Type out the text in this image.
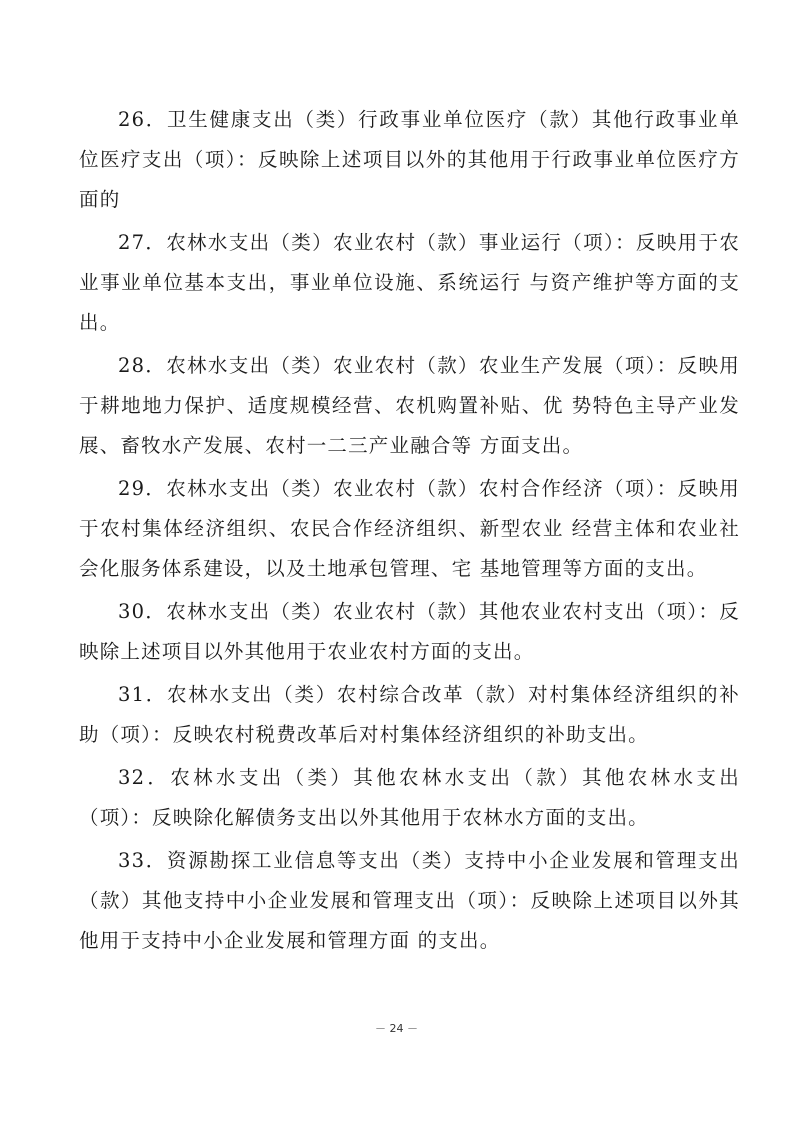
26．卫生健康支出（类）行政事业单位医疗（款）其他行政事业单位医疗支出（项）：反映除上述项目以外的其他用于行政事业单位医疗方面的

27．农林水支出（类）农业农村（款）事业运行（项）：反映用于农业事业单位基本支出，事业单位设施、系统运行 与资产维护等方面的支出。

28．农林水支出（类）农业农村（款）农业生产发展（项）：反映用于耕地地力保护、适度规模经营、农机购置补贴、优 势特色主导产业发展、畜牧水产发展、农村一二三产业融合等 方面支出。

29．农林水支出（类）农业农村（款）农村合作经济（项）：反映用于农村集体经济组织、农民合作经济组织、新型农业 经营主体和农业社会化服务体系建设，以及土地承包管理、宅 基地管理等方面的支出。

30．农林水支出（类）农业农村（款）其他农业农村支出（项）：反映除上述项目以外其他用于农业农村方面的支出。

31．农林水支出（类）农村综合改革（款）对村集体经济组织的补助（项）：反映农村税费改革后对村集体经济组织的补助支出。

32．农林水支出（类）其他农林水支出（款）其他农林水支出（项）：反映除化解债务支出以外其他用于农林水方面的支出。

33．资源勘探工业信息等支出（类）支持中小企业发展和管理支出（款）其他支持中小企业发展和管理支出（项）：反映除上述项目以外其他用于支持中小企业发展和管理方面 的支出。

－ 24 －
